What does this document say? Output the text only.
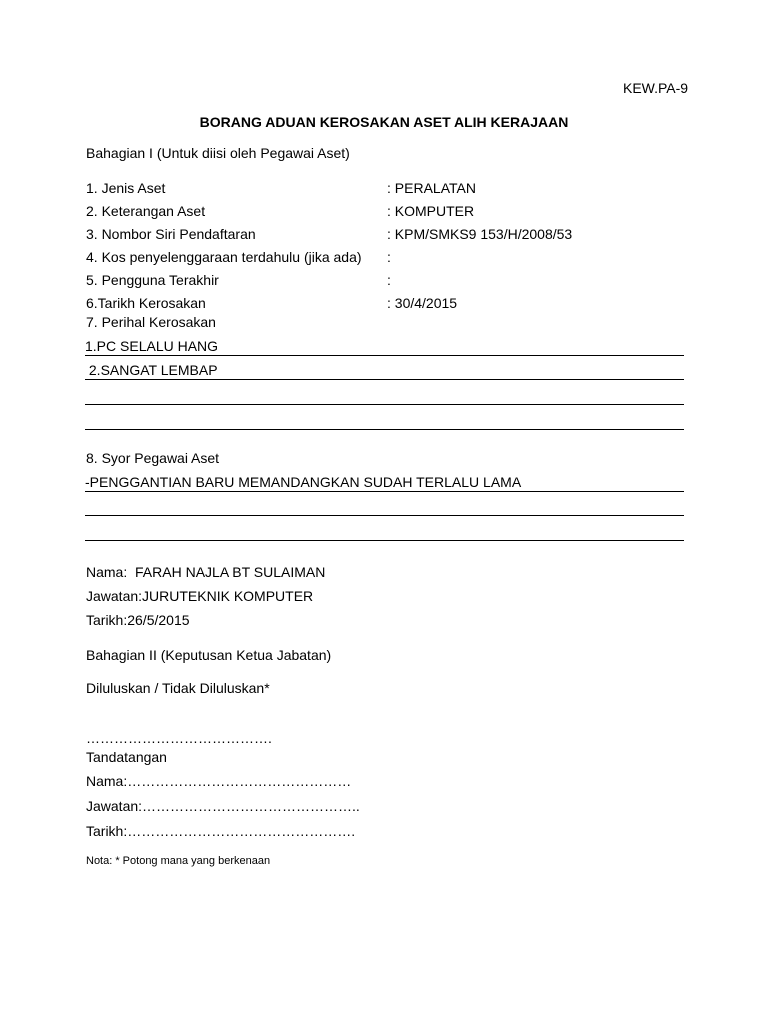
KEW.PA-9
BORANG ADUAN KEROSAKAN ASET ALIH KERAJAAN
Bahagian I (Untuk diisi oleh Pegawai Aset)
1. Jenis Aset	: PERALATAN
2. Keterangan Aset	: KOMPUTER
3. Nombor Siri Pendaftaran	: KPM/SMKS9 153/H/2008/53
4. Kos penyelenggaraan terdahulu (jika ada) :
5. Pengguna Terakhir	:
6.Tarikh Kerosakan	: 30/4/2015
7. Perihal Kerosakan
1.PC SELALU HANG
2.SANGAT LEMBAP
8. Syor Pegawai Aset
-PENGGANTIAN BARU MEMANDANGKAN SUDAH TERLALU LAMA
Nama:  FARAH NAJLA BT SULAIMAN
Jawatan:JURUTEKNIK KOMPUTER
Tarikh:26/5/2015
Bahagian II (Keputusan Ketua Jabatan)
Diluluskan / Tidak Diluluskan*
………………………………….
Tandatangan
Nama:…………………………………………
Jawatan:………………………………………..
Tarikh:………………………………………….
Nota: * Potong mana yang berkenaan
